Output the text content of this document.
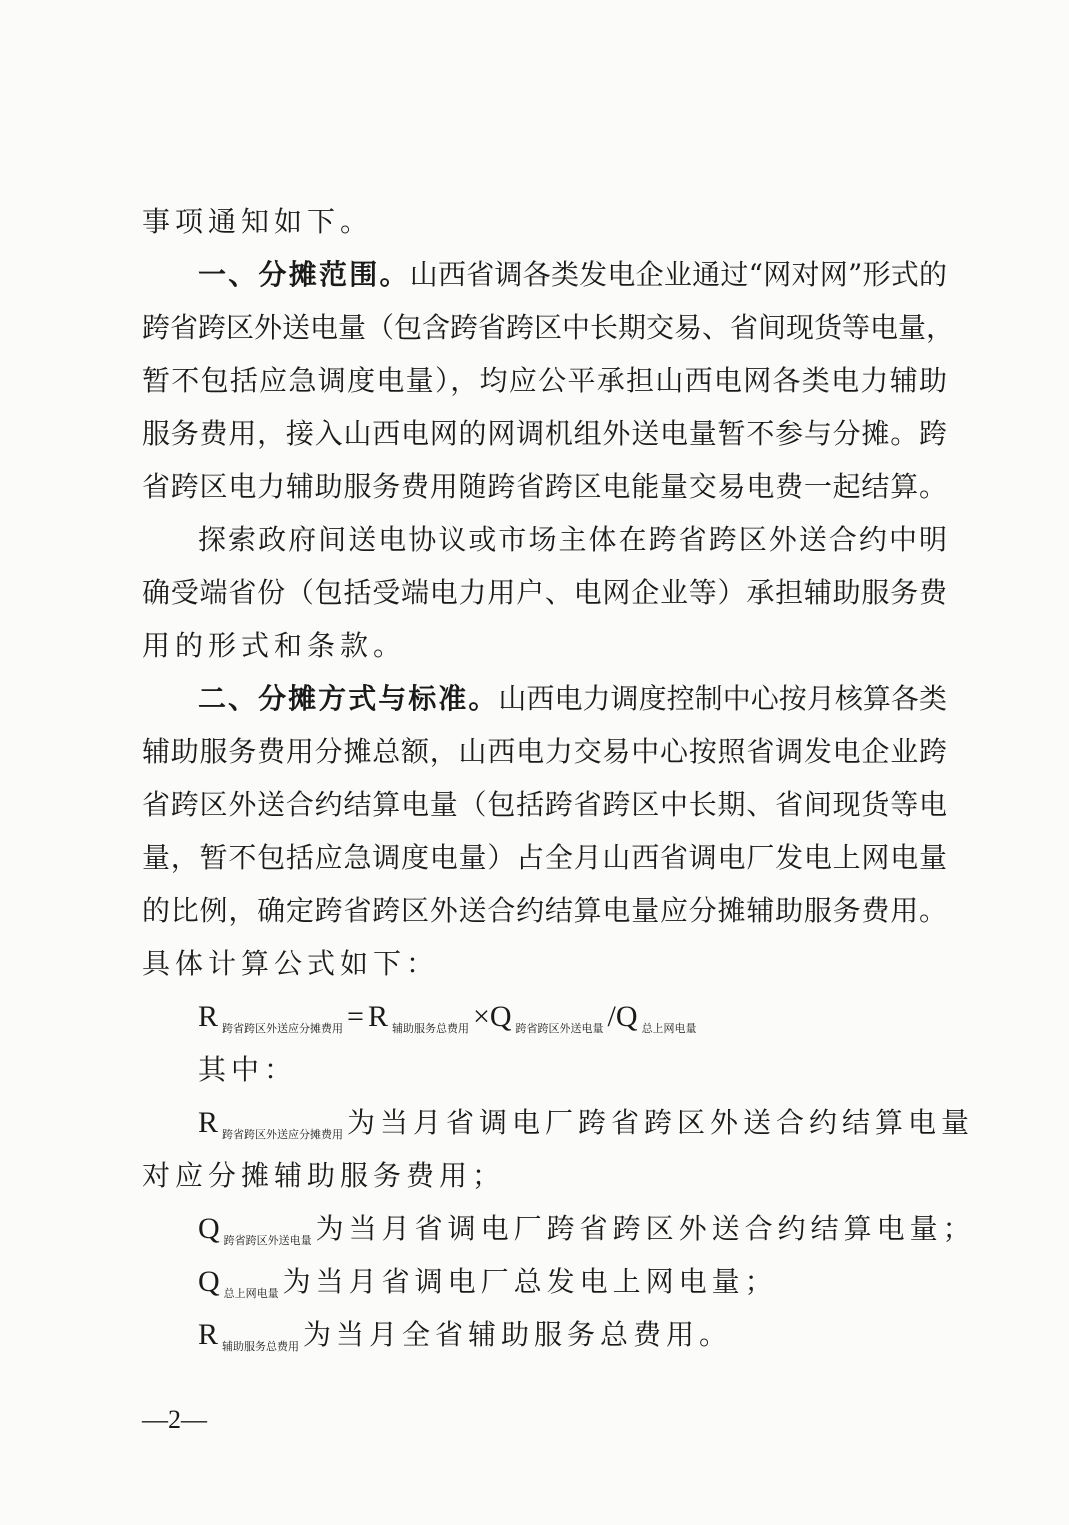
事项通知如下。
一、分摊范围。山西省调各类发电企业通过“网对网”形式的
跨省跨区外送电量（包含跨省跨区中长期交易、省间现货等电量，
暂不包括应急调度电量），均应公平承担山西电网各类电力辅助
服务费用，接入山西电网的网调机组外送电量暂不参与分摊。跨
省跨区电力辅助服务费用随跨省跨区电能量交易电费一起结算。
探索政府间送电协议或市场主体在跨省跨区外送合约中明
确受端省份（包括受端电力用户、电网企业等）承担辅助服务费
用的形式和条款。
二、分摊方式与标准。山西电力调度控制中心按月核算各类
辅助服务费用分摊总额，山西电力交易中心按照省调发电企业跨
省跨区外送合约结算电量（包括跨省跨区中长期、省间现货等电
量，暂不包括应急调度电量）占全月山西省调电厂发电上网电量
的比例，确定跨省跨区外送合约结算电量应分摊辅助服务费用。
具体计算公式如下：
R $_{跨省跨区外送应分摊费用}$ = R $_{辅助服务总费用}$ ×Q $_{跨省跨区外送电量}$ /Q $_{总上网电量}$
其中：
R $_{跨省跨区外送应分摊费用}$ 为当月省调电厂跨省跨区外送合约结算电量
对应分摊辅助服务费用；
Q $_{跨省跨区外送电量}$ 为当月省调电厂跨省跨区外送合约结算电量；
Q $_{总上网电量}$ 为当月省调电厂总发电上网电量；
R $_{辅助服务总费用}$ 为当月全省辅助服务总费用。
—2—
